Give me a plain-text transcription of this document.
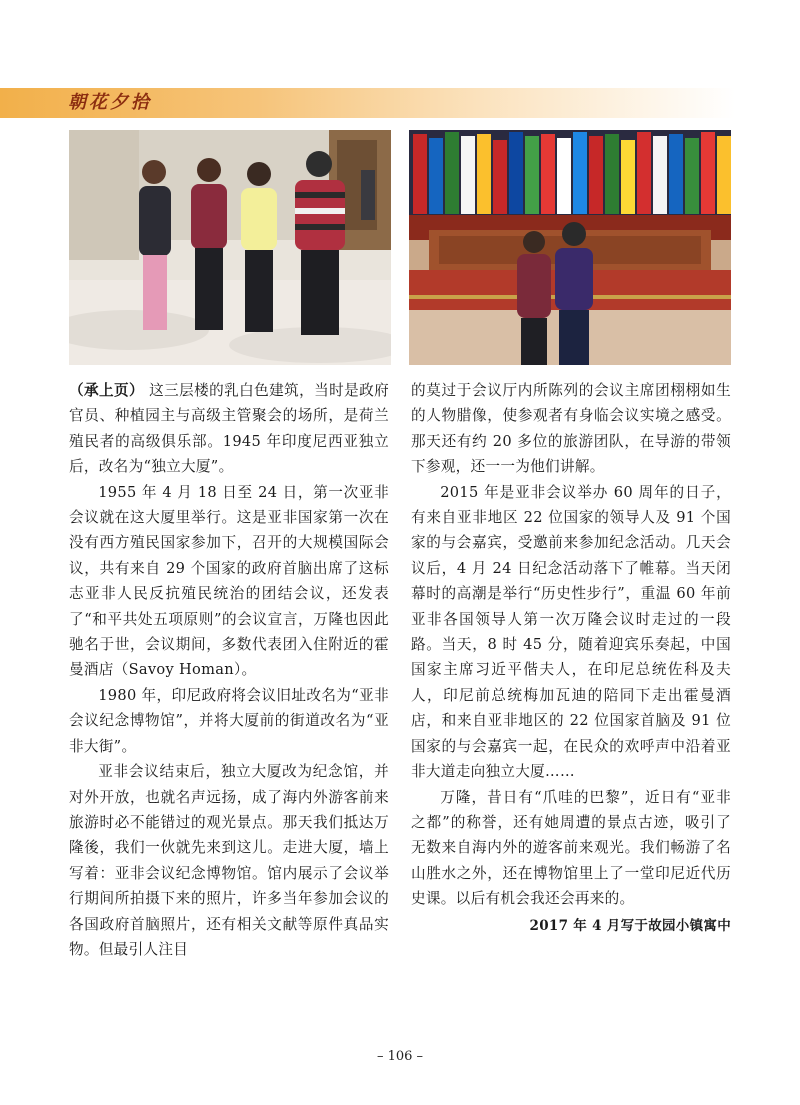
朝花夕拾

（承上页） 这三层楼的乳白色建筑，当时是政府官员、种植园主与高级主管聚会的场所，是荷兰殖民者的高级俱乐部。1945 年印度尼西亚独立后，改名为“独立大厦”。

1955 年 4 月 18 日至 24 日，第一次亚非会议就在这大厦里举行。这是亚非国家第一次在没有西方殖民国家参加下，召开的大规模国际会议，共有来自 29 个国家的政府首脑出席了这标志亚非人民反抗殖民统治的团结会议，还发表了“和平共处五项原则”的会议宣言，万隆也因此驰名于世，会议期间，多数代表团入住附近的霍曼酒店（Savoy Homan）。

1980 年，印尼政府将会议旧址改名为“亚非会议纪念博物馆”，并将大厦前的街道改名为“亚非大街”。

亚非会议结束后，独立大厦改为纪念馆，并对外开放，也就名声远扬，成了海内外游客前来旅游时必不能错过的观光景点。那天我们抵达万隆後，我们一伙就先来到这儿。走进大厦，墙上写着：亚非会议纪念博物馆。馆内展示了会议举行期间所拍摄下来的照片，许多当年参加会议的各国政府首脑照片，还有相关文献等原件真品实物。但最引人注目

的莫过于会议厅内所陈列的会议主席团栩栩如生的人物腊像，使参观者有身临会议实境之感受。那天还有约 20 多位的旅游团队，在导游的带领下参观，还一一为他们讲解。

2015 年是亚非会议举办 60 周年的日子，有来自亚非地区 22 位国家的领导人及 91 个国家的与会嘉宾，受邀前来参加纪念活动。几天会议后，4 月 24 日纪念活动落下了帷幕。当天闭幕时的高潮是举行“历史性步行”，重温 60 年前亚非各国领导人第一次万隆会议时走过的一段路。当天，8 时 45 分，随着迎宾乐奏起，中国国家主席习近平偕夫人，在印尼总统佐科及夫人，印尼前总统梅加瓦迪的陪同下走出霍曼酒店，和来自亚非地区的 22 位国家首脑及 91 位国家的与会嘉宾一起，在民众的欢呼声中沿着亚非大道走向独立大厦……

万隆，昔日有“爪哇的巴黎”，近日有“亚非之都”的称誉，还有她周遭的景点古迹，吸引了无数来自海内外的遊客前来观光。我们畅游了名山胜水之外，还在博物馆里上了一堂印尼近代历史课。以后有机会我还会再来的。

2017 年 4 月写于故园小镇寓中

– 106 –
